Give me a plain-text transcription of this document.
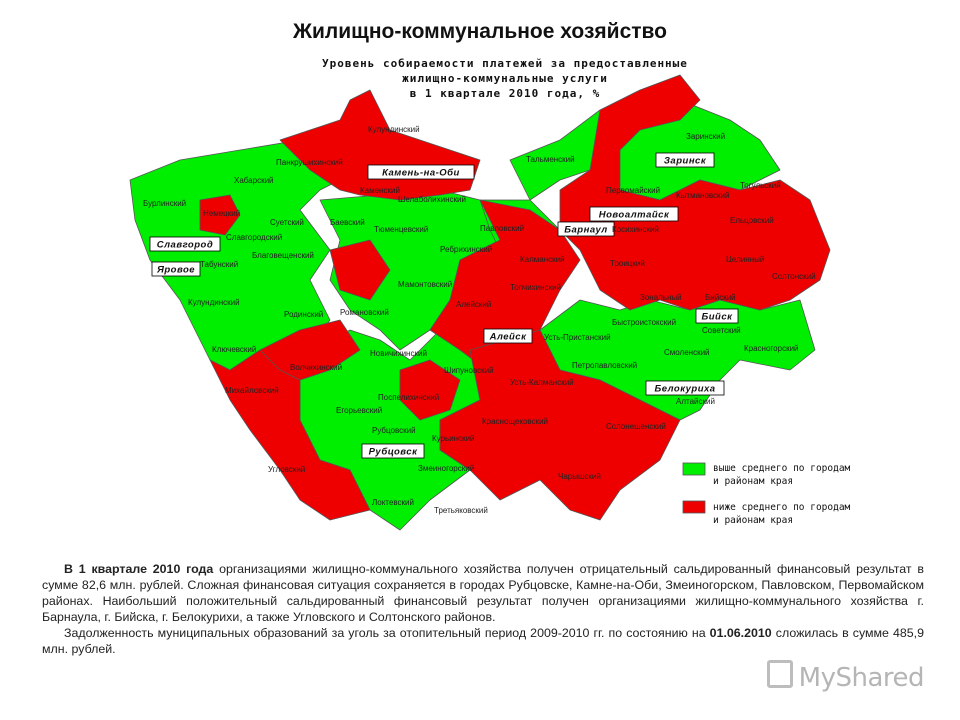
Жилищно-коммунальное хозяйство
Уровень собираемости платежей за предоставленные
жилищно-коммунальные услуги
в 1 квартале 2010 года, %
Камень-на-Оби
Заринск
Новоалтайск
Барнаул
Славгород
Яровое
Алейск
Бийск
Белокуриха
Рубцовск
Кулундинский
Панкрушихинский
Хабарский
Бурлинский
Немецкий
Суетский	Баевский
Каменский
Шелаболихинский
Тюменцевский
Тальменский
Заринский
Тогульский
Ельцовский
Первомайский
Кытмановский
Славгородский
Табунский
Благовещенский
Родинский
Кулундинский
Ключевский
Волчихинский
Михайловский
Угловский
Мамонтовский
Ребрихинский
Павловский
Калманский
Топчихинский
Романовский
Алейский
Новичихинский
Шипуновский
Поспелихинский
Егорьевский
Рубцовский
Курьинский
Змеиногорский
Локтевский
Третьяковский
Краснощековский
Усть-Калманский
Усть-Пристанский
Петропавловский
Чарышский
Солонешенский
Алтайский
Смоленский	Красногорский
Советский
Бийский
Зональный
Быстроистокский
Троицкий	Целинный
Солтонский
Косихинский
выше среднего по городам
и районам края
ниже среднего по городам
и районам края

В 1 квартале 2010 года организациями жилищно-коммунального хозяйства получен отрицательный сальдированный финансовый результат в сумме 82,6 млн. рублей. Сложная финансовая ситуация сохраняется в городах Рубцовске, Камне-на-Оби, Змеиногорском, Павловском, Первомайском районах. Наибольший положительный сальдированный финансовый результат получен организациями жилищно-коммунального хозяйства г. Барнаула, г. Бийска, г. Белокурихи, а также Угловского и Солтонского районов.

Задолженность муниципальных образований за уголь за отопительный период 2009-2010 гг. по состоянию на 01.06.2010 сложилась в сумме 485,9 млн. рублей.

MyShared
